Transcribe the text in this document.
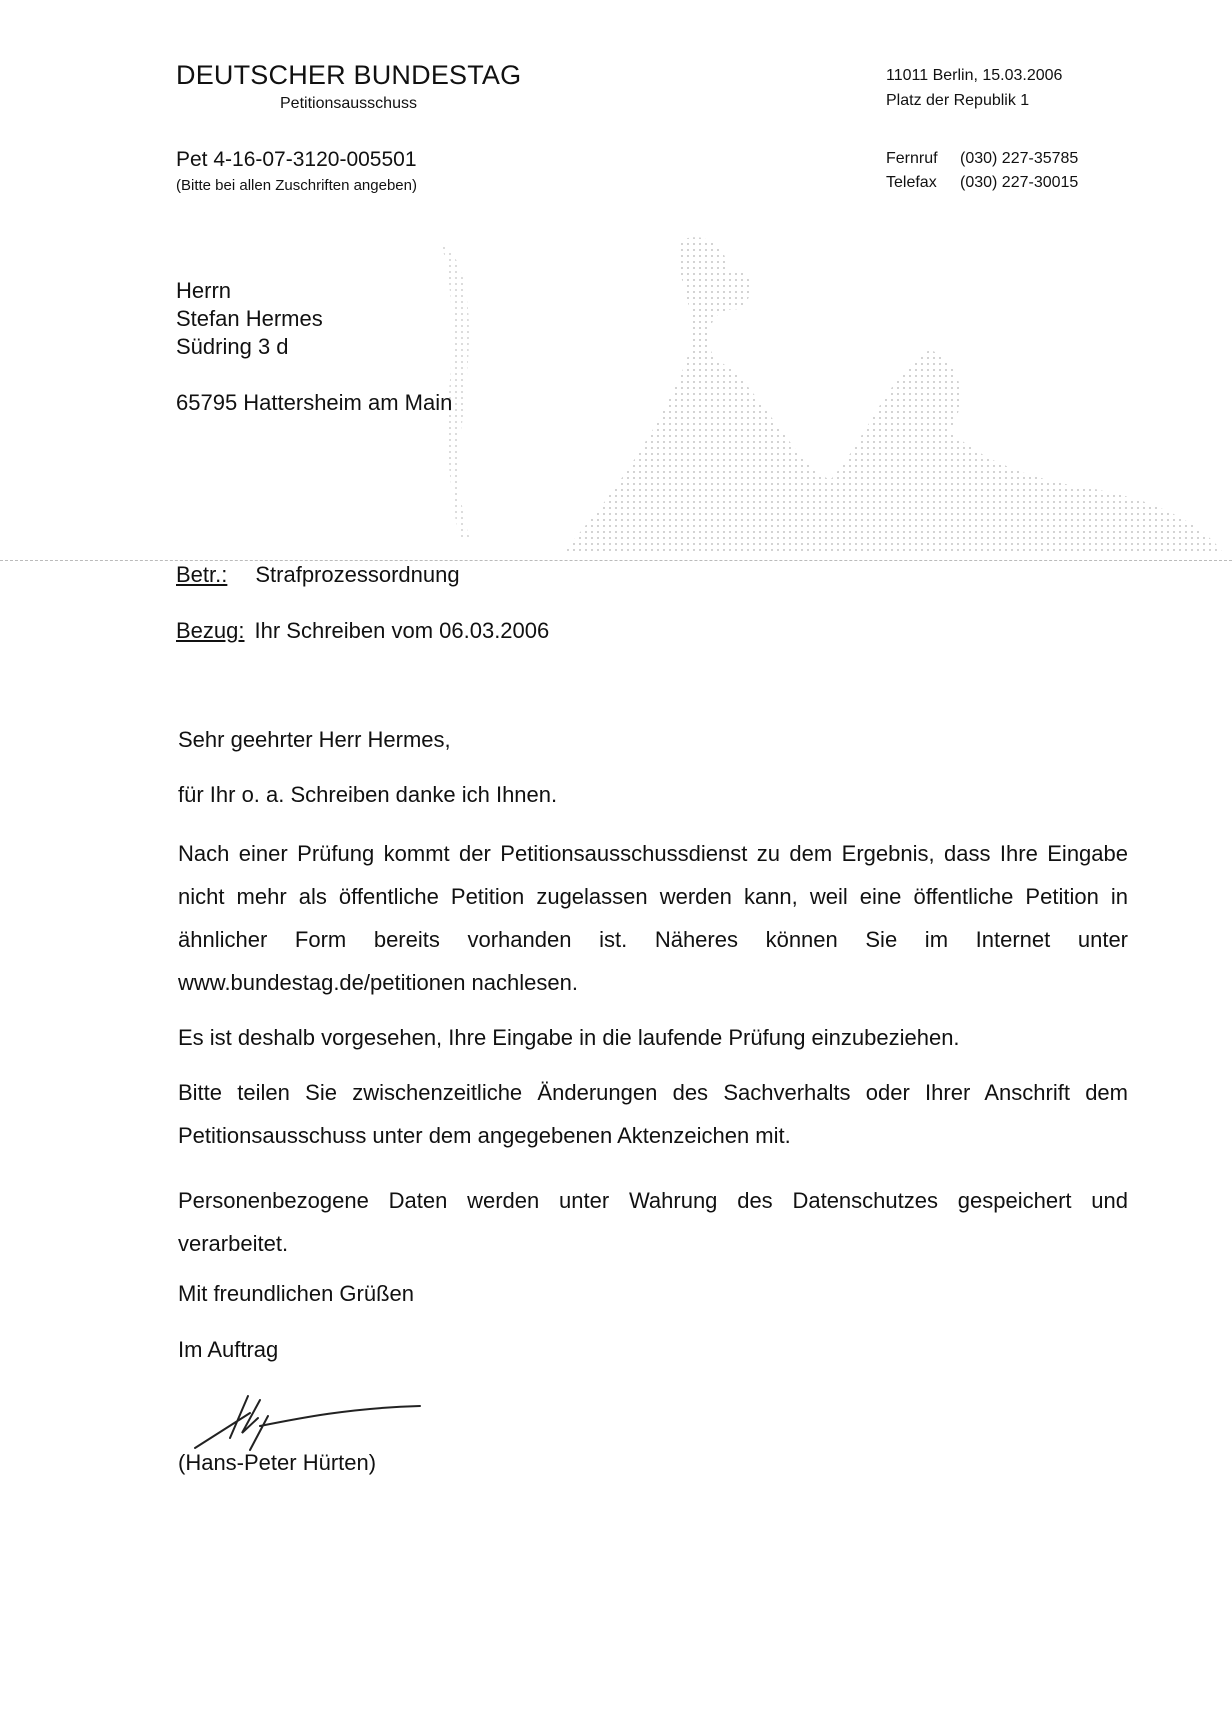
DEUTSCHER BUNDESTAG
Petitionsausschuss
Pet 4-16-07-3120-005501
(Bitte bei allen Zuschriften angeben)
11011 Berlin, 15.03.2006
Platz der Republik 1
Fernruf (030) 227-35785
Telefax (030) 227-30015
Herrn
Stefan Hermes
Südring 3 d
65795 Hattersheim am Main
Betr.: Strafprozessordnung
Bezug: Ihr Schreiben vom 06.03.2006
Sehr geehrter Herr Hermes,
für Ihr o. a. Schreiben danke ich Ihnen.
Nach einer Prüfung kommt der Petitionsausschussdienst zu dem Ergebnis, dass Ihre Eingabe nicht mehr als öffentliche Petition zugelassen werden kann, weil eine öffentliche Petition in ähnlicher Form bereits vorhanden ist. Näheres können Sie im Internet unter www.bundestag.de/petitionen nachlesen.
Es ist deshalb vorgesehen, Ihre Eingabe in die laufende Prüfung einzubeziehen.
Bitte teilen Sie zwischenzeitliche Änderungen des Sachverhalts oder Ihrer Anschrift dem Petitionsausschuss unter dem angegebenen Aktenzeichen mit.
Personenbezogene Daten werden unter Wahrung des Datenschutzes gespeichert und verarbeitet.
Mit freundlichen Grüßen
Im Auftrag
(Hans-Peter Hürten)
